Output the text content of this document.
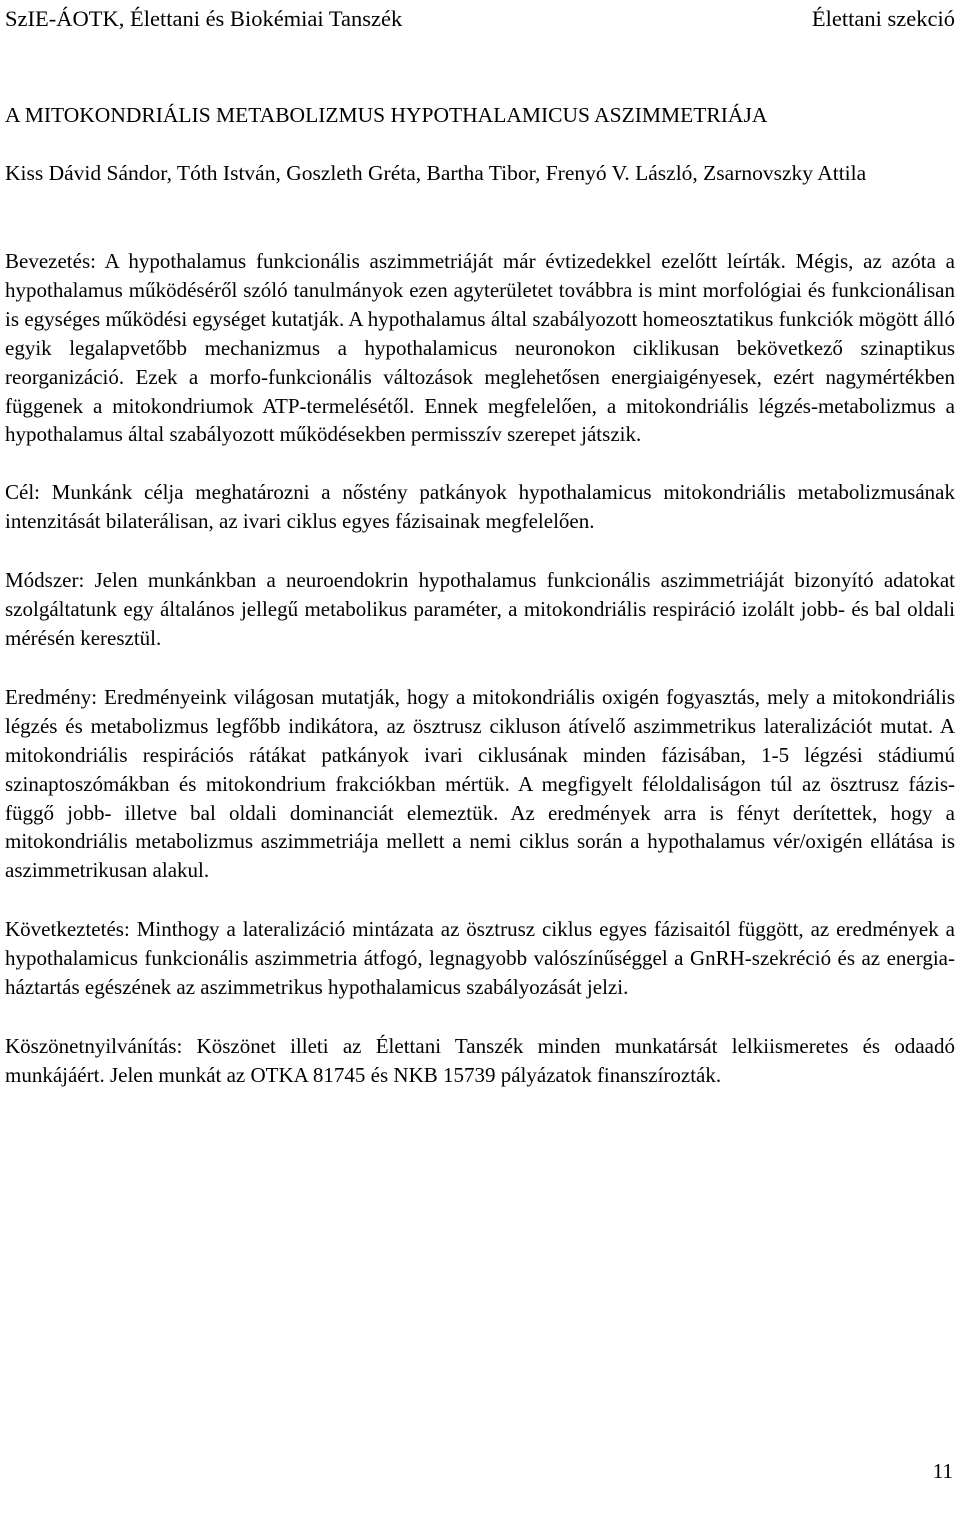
SzIE-ÁOTK, Élettani és Biokémiai Tanszék	Élettani szekció
A MITOKONDRIÁLIS METABOLIZMUS HYPOTHALAMICUS ASZIMMETRIÁJA
Kiss Dávid Sándor, Tóth István, Goszleth Gréta, Bartha Tibor, Frenyó V. László, Zsarnovszky Attila

Bevezetés: A hypothalamus funkcionális aszimmetriáját már évtizedekkel ezelőtt leírták. Mégis, az azóta a hypothalamus működéséről szóló tanulmányok ezen agyterületet továbbra is mint morfológiai és funkcionálisan is egységes működési egységet kutatják. A hypothalamus által szabályozott homeosztatikus funkciók mögött álló egyik legalapvetőbb mechanizmus a hypothalamicus neuronokon ciklikusan bekövetkező szinaptikus reorganizáció. Ezek a morfo-funkcionális változások meglehetősen energiaigényesek, ezért nagymértékben függenek a mitokondriumok ATP-termelésétől. Ennek megfelelően, a mitokondriális légzés-metabolizmus a hypothalamus által szabályozott működésekben permisszív szerepet játszik.

Cél: Munkánk célja meghatározni a nőstény patkányok hypothalamicus mitokondriális metabolizmusának intenzitását bilaterálisan, az ivari ciklus egyes fázisainak megfelelően.

Módszer: Jelen munkánkban a neuroendokrin hypothalamus funkcionális aszimmetriáját bizonyító adatokat szolgáltatunk egy általános jellegű metabolikus paraméter, a mitokondriális respiráció izolált jobb- és bal oldali mérésén keresztül.

Eredmény: Eredményeink világosan mutatják, hogy a mitokondriális oxigén fogyasztás, mely a mitokondriális légzés és metabolizmus legfőbb indikátora, az ösztrusz cikluson átívelő aszimmetrikus lateralizációt mutat. A mitokondriális respirációs rátákat patkányok ivari ciklusának minden fázisában, 1-5 légzési stádiumú szinaptoszómákban és mitokondrium frakciókban mértük. A megfigyelt féloldaliságon túl az ösztrusz fázis-függő jobb- illetve bal oldali dominanciát elemeztük. Az eredmények arra is fényt derítettek, hogy a mitokondriális metabolizmus aszimmetriája mellett a nemi ciklus során a hypothalamus vér/oxigén ellátása is aszimmetrikusan alakul.

Következtetés: Minthogy a lateralizáció mintázata az ösztrusz ciklus egyes fázisaitól függött, az eredmények a hypothalamicus funkcionális aszimmetria átfogó, legnagyobb valószínűséggel a GnRH-szekréció és az energia-háztartás egészének az aszimmetrikus hypothalamicus szabályozását jelzi.

Köszönetnyilvánítás: Köszönet illeti az Élettani Tanszék minden munkatársát lelkiismeretes és odaadó munkájáért. Jelen munkát az OTKA 81745 és NKB 15739 pályázatok finanszírozták.

11
